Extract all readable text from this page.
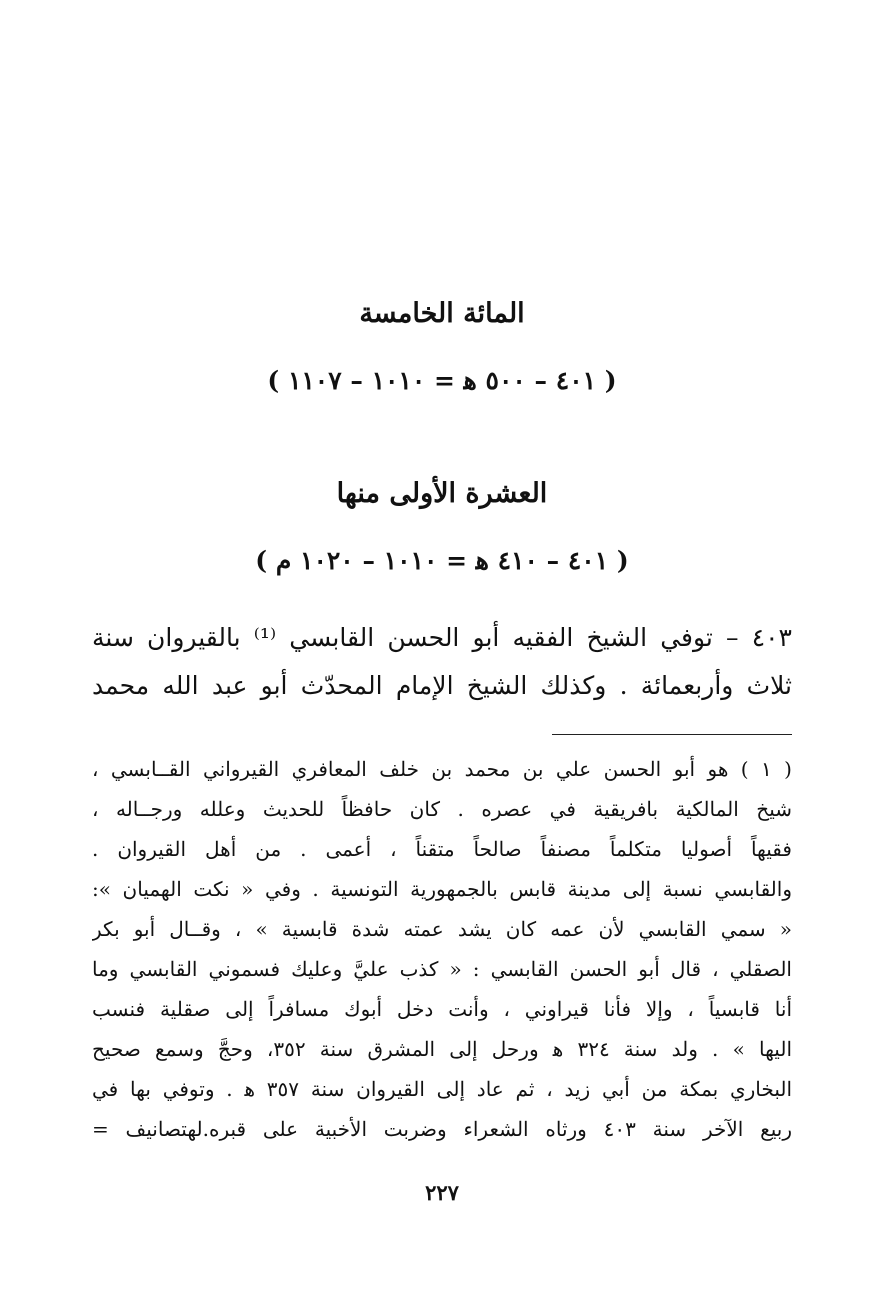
المائة الخامسة
( ٤٠١ – ٥٠٠ ﻫ = ١٠١٠ – ١١٠٧ )
العشرة الأولى منها
( ٤٠١ – ٤١٠ ﻫ = ١٠١٠ – ١٠٢٠ م )
٤٠٣ – توفي الشيخ الفقيه أبو الحسن القابسي ⁽¹⁾ بالقيروان سنة
ثلاث وأربعمائة . وكذلك الشيخ الإمام المحدّث أبو عبد الله محمد
( ١ ) هو أبو الحسن علي بن محمد بن خلف المعافري القيرواني القــابسي ،
شيخ المالكية بافريقية في عصره . كان حافظاً للحديث وعلله ورجــاله ،
فقيهاً أصوليا متكلماً مصنفاً صالحاً متقناً ، أعمى . من أهل القيروان .
والقابسي نسبة إلى مدينة قابس بالجمهورية التونسية . وفي « نكت الهميان »:
« سمي القابسي لأن عمه كان يشد عمته شدة قابسية » ، وقــال أبو بكر
الصقلي ، قال أبو الحسن القابسي : « كذب عليَّ وعليك فسموني القابسي وما
أنا قابسياً ، وإلا فأنا قيراوني ، وأنت دخل أبوك مسافراً إلى صقلية فنسب
اليها » . ولد سنة ٣٢٤ ﻫ ورحل إلى المشرق سنة ٣٥٢، وحجَّ وسمع صحيح
البخاري بمكة من أبي زيد ، ثم عاد إلى القيروان سنة ٣٥٧ ﻫ . وتوفي بها في
ربيع الآخر سنة ٤٠٣ ورثاه الشعراء وضربت الأخبية على قبره.لهتصانيف =
٢٢٧
